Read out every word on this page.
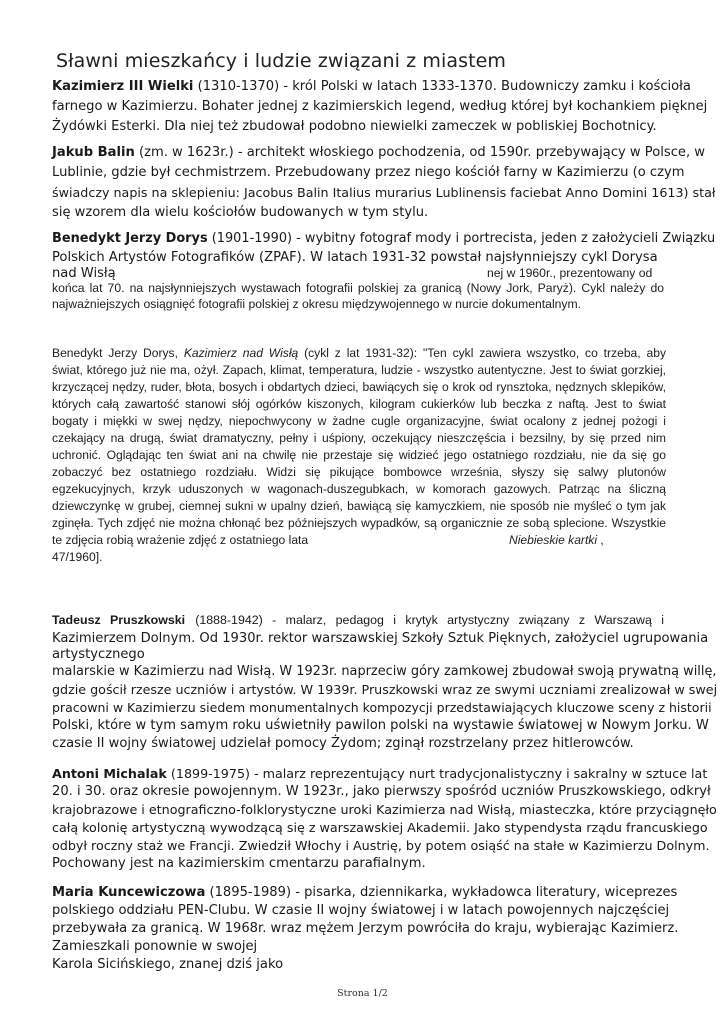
Sławni mieszkańcy i ludzie związani z miastem
Kazimierz III Wielki (1310-1370) - król Polski w latach 1333-1370. Budowniczy zamku i kościoła
farnego w Kazimierzu. Bohater jednej z kazimierskich legend, według której był kochankiem pięknej
Żydówki Esterki. Dla niej też zbudował podobno niewielki zameczek w pobliskiej Bochotnicy.
Jakub Balin (zm. w 1623r.) - architekt włoskiego pochodzenia, od 1590r. przebywający w Polsce, w
Lublinie, gdzie był cechmistrzem. Przebudowany przez niego kościół farny w Kazimierzu (o czym
świadczy napis na sklepieniu: Jacobus Balin Italius murarius Lublinensis faciebat Anno Domini 1613) stał
się wzorem dla wielu kościołów budowanych w tym stylu.
Benedykt Jerzy Dorys (1901-1990) - wybitny fotograf mody i portrecista, jeden z założycieli Związku
Polskich Artystów Fotografików (ZPAF). W latach 1931-32 powstał najsłynniejszy cykl Dorysa
nad Wisłą	nej w 1960r., prezentowany od
końca lat 70. na najsłynniejszych wystawach fotografii polskiej za granicą (Nowy Jork, Paryż). Cykl należy do
najważniejszych osiągnięć fotografii polskiej z okresu międzywojennego w nurcie dokumentalnym.
Benedykt Jerzy Dorys, Kazimierz nad Wisłą (cykl z lat 1931-32): "Ten cykl zawiera wszystko, co trzeba, aby
świat, którego już nie ma, ożył. Zapach, klimat, temperatura, ludzie - wszystko autentyczne. Jest to świat gorzkiej,
krzyczącej nędzy, ruder, błota, bosych i obdartych dzieci, bawiących się o krok od rynsztoka, nędznych sklepików,
których całą zawartość stanowi słój ogórków kiszonych, kilogram cukierków lub beczka z naftą. Jest to świat
bogaty i miękki w swej nędzy, niepochwycony w żadne cugle organizacyjne, świat ocalony z jednej pożogi i
czekający na drugą, świat dramatyczny, pełny i uśpiony, oczekujący nieszczęścia i bezsilny, by się przed nim
uchronić. Oglądając ten świat ani na chwilę nie przestaje się widzieć jego ostatniego rozdziału, nie da się go
zobaczyć bez ostatniego rozdziału. Widzi się pikujące bombowce września, słyszy się salwy plutonów
egzekucyjnych, krzyk uduszonych w wagonach-duszegubkach, w komorach gazowych. Patrząc na śliczną
dziewczynkę w grubej, ciemnej sukni w upalny dzień, bawiącą się kamyczkiem, nie sposób nie myśleć o tym jak
zginęła. Tych zdjęć nie można chłonąć bez późniejszych wypadków, są organicznie ze sobą splecione. Wszystkie
te zdjęcia robią wrażenie zdjęć z ostatniego lata	Niebieskie kartki ,
47/1960].
Tadeusz Pruszkowski (1888-1942) - malarz, pedagog i krytyk artystyczny związany z Warszawą i
Kazimierzem Dolnym. Od 1930r. rektor warszawskiej Szkoły Sztuk Pięknych, założyciel ugrupowania
artystycznego
malarskie w Kazimierzu nad Wisłą. W 1923r. naprzeciw góry zamkowej zbudował swoją prywatną willę,
gdzie gościł rzesze uczniów i artystów. W 1939r. Pruszkowski wraz ze swymi uczniami zrealizował w swej
pracowni w Kazimierzu siedem monumentalnych kompozycji przedstawiających kluczowe sceny z historii
Polski, które w tym samym roku uświetniły pawilon polski na wystawie światowej w Nowym Jorku. W
czasie II wojny światowej udzielał pomocy Żydom; zginął rozstrzelany przez hitlerowców.
Antoni Michalak (1899-1975) - malarz reprezentujący nurt tradycjonalistyczny i sakralny w sztuce lat
20. i 30. oraz okresie powojennym. W 1923r., jako pierwszy spośród uczniów Pruszkowskiego, odkrył
krajobrazowe i etnograficzno-folklorystyczne uroki Kazimierza nad Wisłą, miasteczka, które przyciągnęło
całą kolonię artystyczną wywodzącą się z warszawskiej Akademii. Jako stypendysta rządu francuskiego
odbył roczny staż we Francji. Zwiedził Włochy i Austrię, by potem osiąść na stałe w Kazimierzu Dolnym.
Pochowany jest na kazimierskim cmentarzu parafialnym.
Maria Kuncewiczowa (1895-1989) - pisarka, dziennikarka, wykładowca literatury, wiceprezes
polskiego oddziału PEN-Clubu. W czasie II wojny światowej i w latach powojennych najczęściej
przebywała za granicą. W 1968r. wraz mężem Jerzym powróciła do kraju, wybierając Kazimierz.
Zamieszkali ponownie w swojej
Karola Sicińskiego, znanej dziś jako
Strona 1/2
